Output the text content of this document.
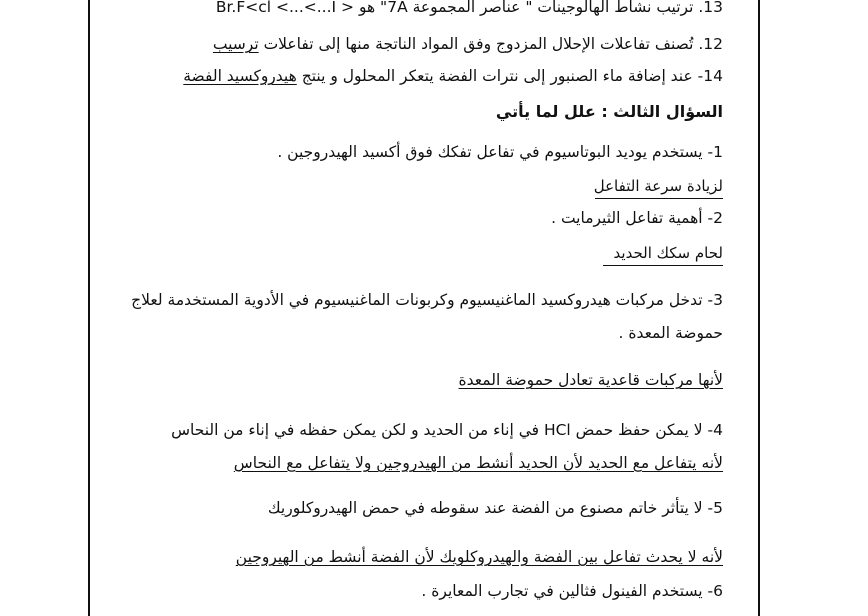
13. ترتيب نشاط الهالوجينات " عناصر المجموعة 7A" هو < Br.F<cl <...<...I
12. تُصنف تفاعلات الإحلال المزدوج وفق المواد الناتجة منها إلى تفاعلات ترسيب
14- عند إضافة ماء الصنبور إلى نترات الفضة يتعكر المحلول و ينتج هيدروكسيد الفضة
السؤال الثالث : علل لما يأتي
1- يستخدم يوديد البوتاسيوم في تفاعل تفكك فوق أكسيد الهيدروجين .
لزيادة سرعة التفاعل
2- أهمية تفاعل الثيرمايت .
لحام سكك الحديد
3- تدخل مركبات هيدروكسيد الماغنيسيوم وكربونات الماغنيسيوم في الأدوية المستخدمة لعلاج
حموضة المعدة .
لأنها مركبات قاعدية تعادل حموضة المعدة
4- لا يمكن حفظ حمض HCl في إناء من الحديد و لكن يمكن حفظه في إناء من النحاس
لأنه يتفاعل مع الحديد لأن الحديد أنشط من الهيدروجين ولا يتفاعل مع النحاس
5- لا يتأثر خاتم مصنوع من الفضة عند سقوطه في حمض الهيدروكلوريك
لأنه لا يحدث تفاعل بين الفضة والهيدروكلويك لأن الفضة أنشط من الهيروجين
6- يستخدم الفينول فثالين في تجارب المعايرة .
